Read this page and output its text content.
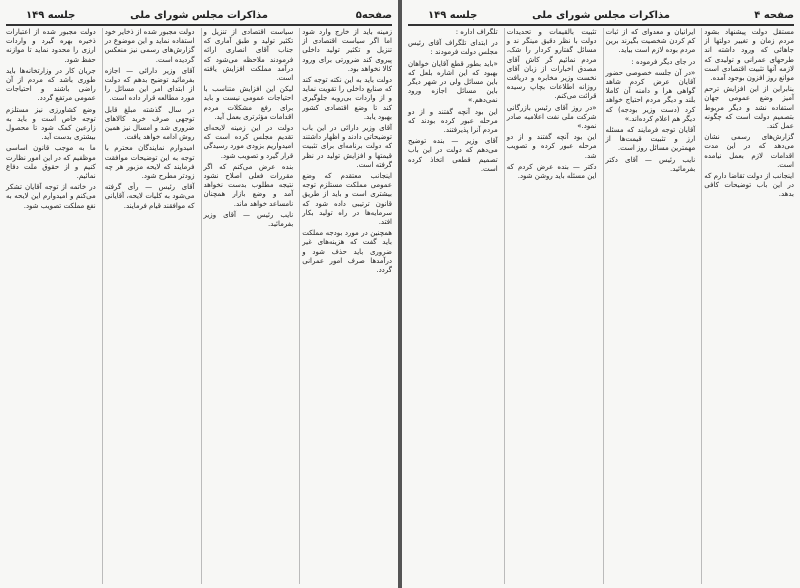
صفحه۵
مذاکرات مجلس شورای ملی
جلسه ۱۴۹

زمینه باید از خارج وارد شود اما اگر سیاست اقتصادی از تنزیل و تکثیر تولید داخلی پیروی کند ضرورتی برای ورود کالا نخواهد بود.

دولت باید به این نکته توجه کند که صنایع داخلی را تقویت نماید و از واردات بی‌رویه جلوگیری کند تا وضع اقتصادی کشور بهبود یابد.

آقای وزیر دارائی در این باب توضیحاتی دادند و اظهار داشتند که دولت برنامه‌ای برای تثبیت قیمتها و افزایش تولید در نظر گرفته است.

اینجانب معتقدم که وضع عمومی مملکت مستلزم توجه بیشتری است و باید از طریق قانون ترتیبی داده شود که سرمایه‌ها در راه تولید بکار افتد.

همچنین در مورد بودجه مملکت باید گفت که هزینه‌های غیر ضروری باید حذف شود و درآمدها صرف امور عمرانی گردد.

سیاست اقتصادی از تنزیل و تکثیر تولید و طبق آماری که جناب آقای انصاری ارائه فرمودند ملاحظه می‌شود که درآمد مملکت افزایش یافته است.

لیکن این افزایش متناسب با احتیاجات عمومی نیست و باید برای رفع مشکلات مردم اقدامات مؤثرتری بعمل آید.

دولت در این زمینه لایحه‌ای تقدیم مجلس کرده است که امیدواریم بزودی مورد رسیدگی قرار گیرد و تصویب شود.

بنده عرض می‌کنم که اگر مقررات فعلی اصلاح نشود نتیجه مطلوب بدست نخواهد آمد و وضع بازار همچنان نامساعد خواهد ماند.

نایب رئیس — آقای وزیر بفرمائید.

دولت مجبور شده از ذخایر خود استفاده نماید و این موضوع در گزارش‌های رسمی نیز منعکس گردیده است.

آقای وزیر دارائی — اجازه بفرمائید توضیح بدهم که دولت از ابتدای امر این مسائل را مورد مطالعه قرار داده است.

در سال گذشته مبلغ قابل توجهی صرف خرید کالاهای ضروری شد و امسال نیز همین روش ادامه خواهد یافت.

امیدوارم نمایندگان محترم با توجه به این توضیحات موافقت فرمایند که لایحه مزبور هر چه زودتر مطرح شود.

آقای رئیس — رأی گرفته می‌شود به کلیات لایحه، آقایانی که موافقند قیام فرمایند.

دولت مجبور شده از اعتبارات ذخیره بهره گیرد و واردات ارزی را محدود نماید تا موازنه حفظ شود.

جریان کار در وزارتخانه‌ها باید طوری باشد که مردم از آن راضی باشند و احتیاجات عمومی مرتفع گردد.

وضع کشاورزی نیز مستلزم توجه خاص است و باید به زارعین کمک شود تا محصول بیشتری بدست آید.

ما به موجب قانون اساسی موظفیم که در این امور نظارت کنیم و از حقوق ملت دفاع نمائیم.

در خاتمه از توجه آقایان تشکر می‌کنم و امیدوارم این لایحه به نفع مملکت تصویب شود.

صفحه ۴
مذاکرات مجلس شورای ملی
جلسه ۱۴۹

مستقل دولت پیشنهاد بشود مردم زمان و تغییر دولتها از جاهائی که ورود داشته اند طرحهای عمرانی و تولیدی که لازمه آنها تثبیت اقتصادی است موانع روز افزون بوجود آمده.

بنابراین از این افزایش ترحم آمیز وضع عمومی جهان استفاده نشد و دیگر مربوط بتصمیم دولت است که چگونه عمل کند.

گزارش‌های رسمی نشان می‌دهد که در این مدت اقدامات لازم بعمل نیامده است.

اینجانب از دولت تقاضا دارم که در این باب توضیحات کافی بدهد.

ایرانیان و معدوای که از ثبات کم کردن شخصیت بگیرند برین مردم بوده لازم است بیاید.

در جای دیگر فرموده :

«در آن جلسه خصوصی حضور آقایان عرض کردم شاهد گواهی هرا و دامنه آن کاملا بلند و دیگر مردم احتیاج خواهد کرد (دست وزیر بودجه) که دیگر هم اعلام کرده‌اند.»

آقایان توجه فرمایند که مسئله ارز و تثبیت قیمت‌ها از مهمترین مسائل روز است.

نایب رئیس — آقای دکتر بفرمائید.

تثبیت بالقیمات و تحدیدات دولت با نظر دقیق مینگر ند و مسائل گفتارو کردار را شک، مردم نمائیم گر کاش آقای مصدق اخبارات از زبان آقای نخست وزیر مخابره و دریافت روزانه اطلاعات بچاپ رسیده قرائت می‌کنم.

«در روز آقای رئیس بازرگانی شرکت ملی نفت اعلامیه صادر نمود.»

این بود آنچه گفتند و از دو مرحله عبور کرده و تصویب شد.

دکتر — بنده عرض کردم که این مسئله باید روشن شود.

تلگراف اداره :

در ابتدای تلگراف آقای رئیس مجلس دولت فرمودند :

«باید بطور قطع آقایان خواهان بهبود که این اشاره بلعل که باین مسائل ولی در شهر دیگر باین مسائل اجازه ورود نمی‌دهم.»

این بود آنچه گفتند و از دو مرحله عبور کرده بودند که مردم آنرا پذیرفتند.

آقای وزیر — بنده توضیح می‌دهم که دولت در این باب تصمیم قطعی اتخاذ کرده است.
